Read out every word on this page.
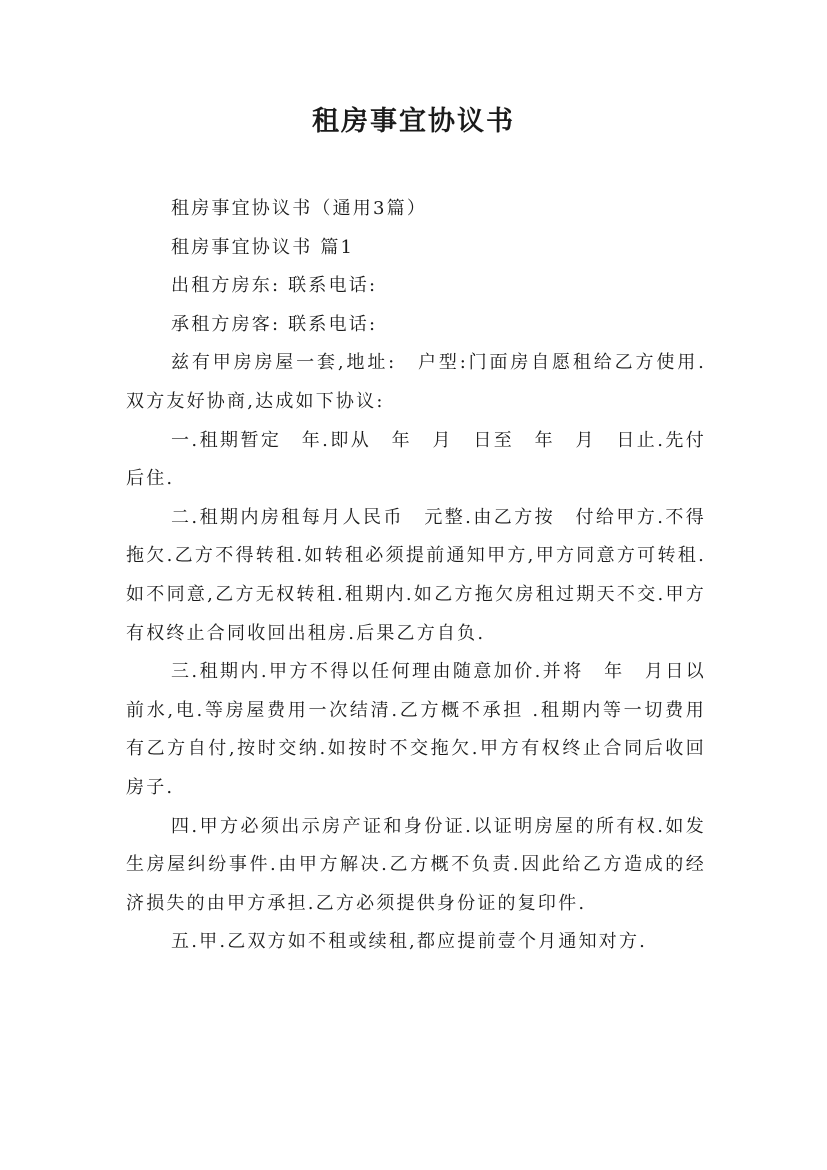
租房事宜协议书

租房事宜协议书（通用3篇）

租房事宜协议书 篇1

出租方房东: 联系电话:

承租方房客: 联系电话:

兹有甲房房屋一套,地址:　户型:门面房自愿租给乙方使用.双方友好协商,达成如下协议:

一.租期暂定　年.即从　年　月　日至　年　月　日止.先付后住.

二.租期内房租每月人民币　元整.由乙方按　付给甲方.不得拖欠.乙方不得转租.如转租必须提前通知甲方,甲方同意方可转租.如不同意,乙方无权转租.租期内.如乙方拖欠房租过期天不交.甲方有权终止合同收回出租房.后果乙方自负.

三.租期内.甲方不得以任何理由随意加价.并将　年　月日以前水,电.等房屋费用一次结清.乙方概不承担 .租期内等一切费用有乙方自付,按时交纳.如按时不交拖欠.甲方有权终止合同后收回房子.

四.甲方必须出示房产证和身份证.以证明房屋的所有权.如发生房屋纠纷事件.由甲方解决.乙方概不负责.因此给乙方造成的经济损失的由甲方承担.乙方必须提供身份证的复印件.

五.甲.乙双方如不租或续租,都应提前壹个月通知对方.
